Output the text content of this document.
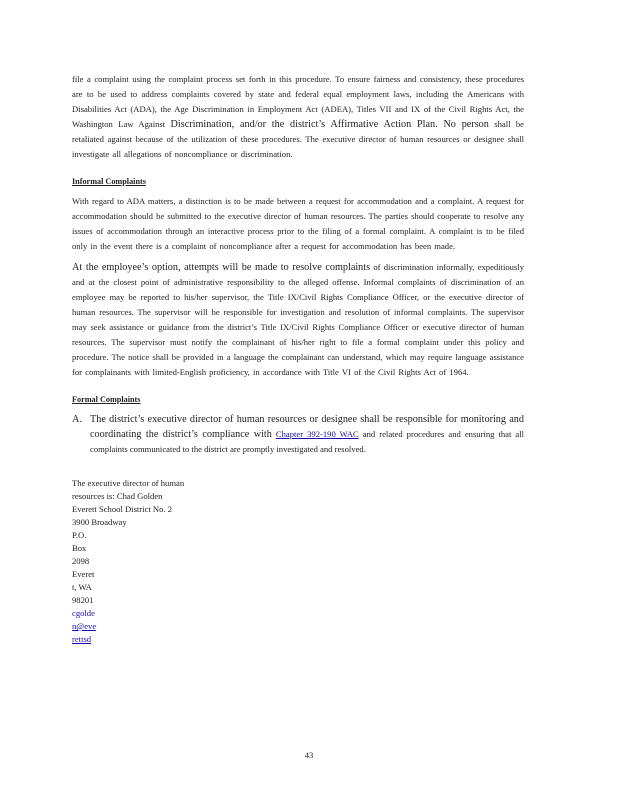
file a complaint using the complaint process set forth in this procedure. To ensure fairness and consistency, these procedures are to be used to address complaints covered by state and federal equal employment laws, including the Americans with Disabilities Act (ADA), the Age Discrimination in Employment Act (ADEA), Titles VII and IX of the Civil Rights Act, the Washington Law Against Discrimination, and/or the district’s Affirmative Action Plan. No person shall be retaliated against because of the utilization of these procedures. The executive director of human resources or designee shall investigate all allegations of noncompliance or discrimination.

Informal Complaints

With regard to ADA matters, a distinction is to be made between a request for accommodation and a complaint. A request for accommodation should be submitted to the executive director of human resources. The parties should cooperate to resolve any issues of accommodation through an interactive process prior to the filing of a formal complaint. A complaint is to be filed only in the event there is a complaint of noncompliance after a request for accommodation has been made.

At the employee’s option, attempts will be made to resolve complaints of discrimination informally, expeditiously and at the closest point of administrative responsibility to the alleged offense. Informal complaints of discrimination of an employee may be reported to his/her supervisor, the Title IX/Civil Rights Compliance Officer, or the executive director of human resources. The supervisor will be responsible for investigation and resolution of informal complaints. The supervisor may seek assistance or guidance from the district’s Title IX/Civil Rights Compliance Officer or executive director of human resources. The supervisor must notify the complainant of his/her right to file a formal complaint under this policy and procedure. The notice shall be provided in a language the complainant can understand, which may require language assistance for complainants with limited-English proficiency, in accordance with Title VI of the Civil Rights Act of 1964.

Formal Complaints
A. The district’s executive director of human resources or designee shall be responsible for monitoring and coordinating the district’s compliance with Chapter 392-190 WAC and related procedures and ensuring that all complaints communicated to the district are promptly investigated and resolved.
The executive director of human
resources is: Chad Golden
Everett School District No. 2
3900 Broadway
P.O.
Box
2098
Everet
t, WA
98201
cgolde
n@eve
rettsd
43
